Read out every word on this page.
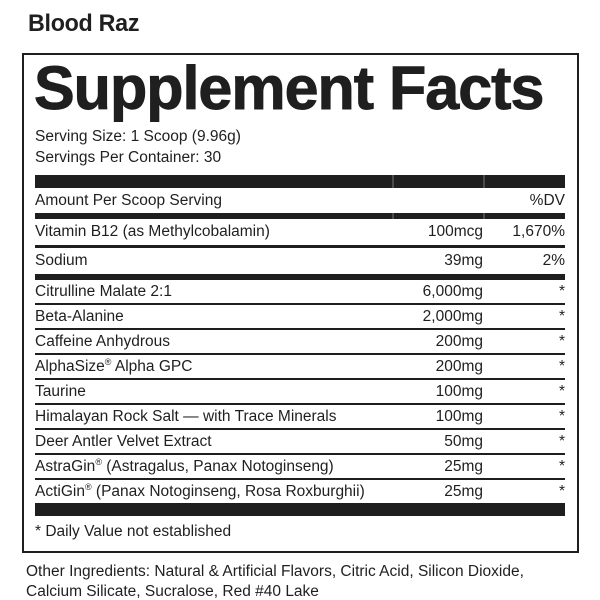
Blood Raz
Supplement Facts
Serving Size: 1 Scoop (9.96g)
Servings Per Container: 30
Amount Per Scoop Serving	%DV
Vitamin B12 (as Methylcobalamin)	100mcg	1,670%
Sodium	39mg	2%
Citrulline Malate 2:1	6,000mg	*
Beta-Alanine	2,000mg	*
Caffeine Anhydrous	200mg	*
AlphaSize® Alpha GPC	200mg	*
Taurine	100mg	*
Himalayan Rock Salt — with Trace Minerals	100mg	*
Deer Antler Velvet Extract	50mg	*
AstraGin® (Astragalus, Panax Notoginseng)	25mg	*
ActiGin® (Panax Notoginseng, Rosa Roxburghii)	25mg	*
* Daily Value not established

Other Ingredients: Natural & Artificial Flavors, Citric Acid, Silicon Dioxide,
Calcium Silicate, Sucralose, Red #40 Lake
